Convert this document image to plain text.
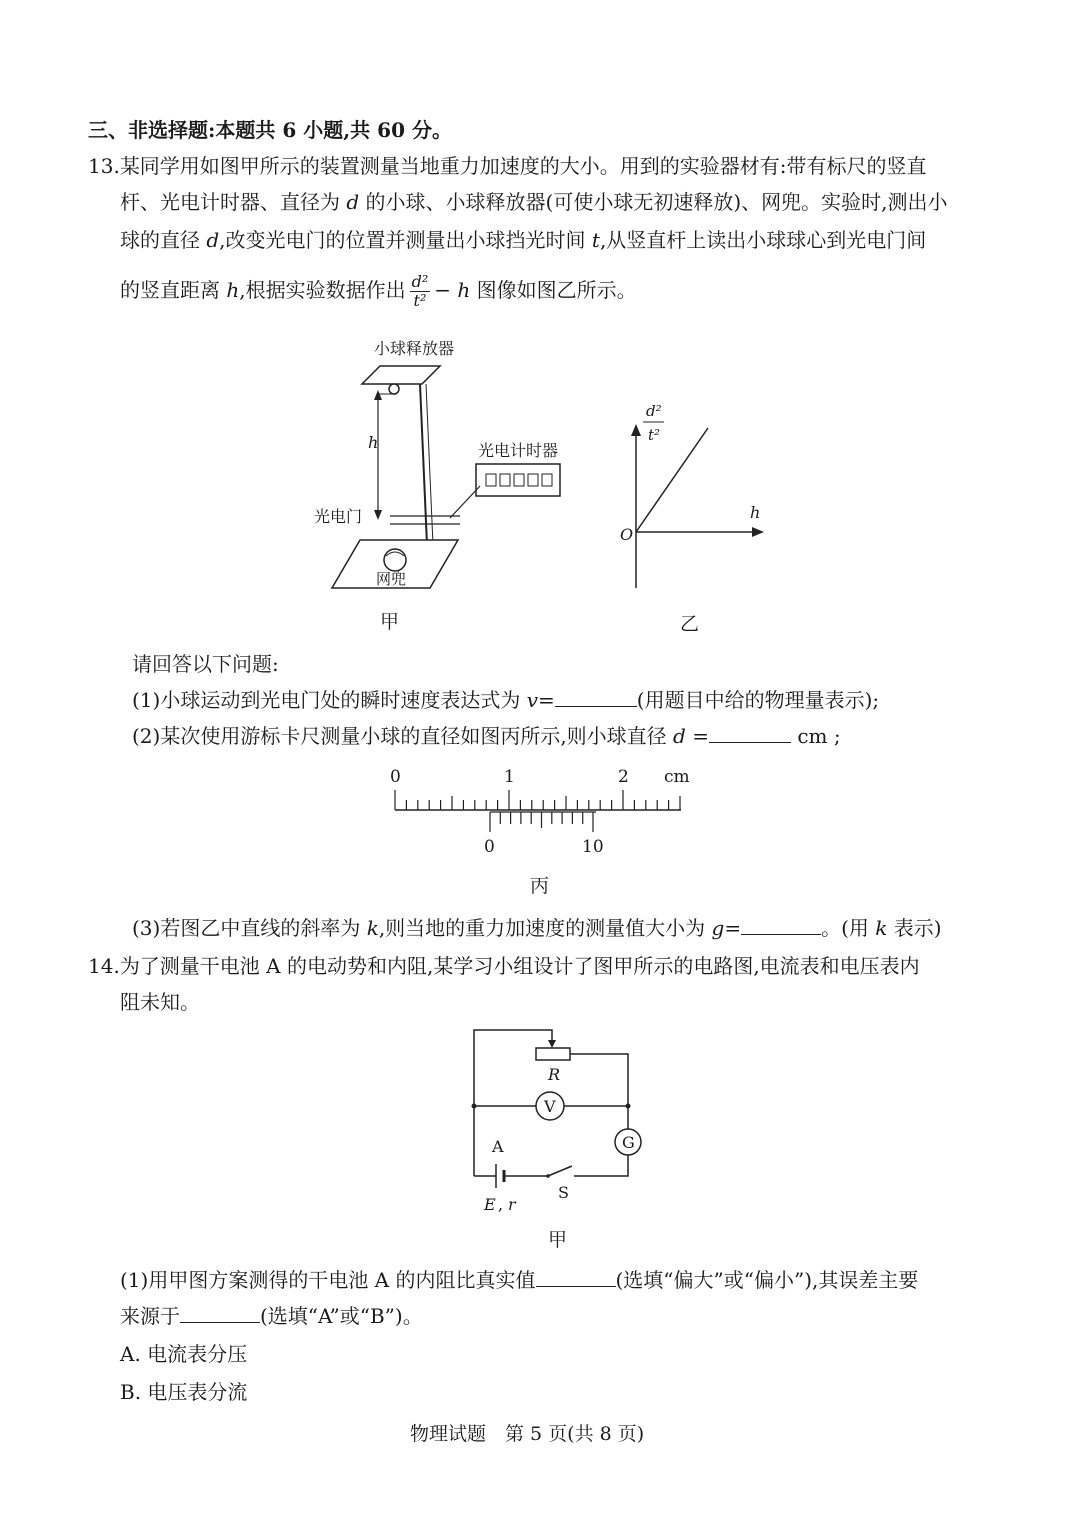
三、非选择题:本题共 6 小题,共 60 分。
13.某同学用如图甲所示的装置测量当地重力加速度的大小。用到的实验器材有:带有标尺的竖直
杆、光电计时器、直径为 d 的小球、小球释放器(可使小球无初速释放)、网兜。实验时,测出小
球的直径 d,改变光电门的位置并测量出小球挡光时间 t,从竖直杆上读出小球球心到光电门间
的竖直距离 h,根据实验数据作出 $\frac{\text{d²}}{\text{t²}} - h$ 图像如图乙所示。
小球释放器
h
光电门
光电计时器
网兜
甲
d²
t²
h
O
乙
请回答以下问题:
(1)小球运动到光电门处的瞬时速度表达式为 v=	(用题目中给的物理量表示);
(2)某次使用游标卡尺测量小球的直径如图丙所示,则小球直径 d =	cm ;
0	1	2 cm
0	10
丙
(3)若图乙中直线的斜率为 k,则当地的重力加速度的测量值大小为 g=	。(用 k 表示)
14.为了测量干电池 A 的电动势和内阻,某学习小组设计了图甲所示的电路图,电流表和电压表内
阻未知。
R
V
G
S
A
E , r
甲
(1)用甲图方案测得的干电池 A 的内阻比真实值	(选填“偏大”或“偏小”),其误差主要
来源于	(选填“A”或“B”)。
A. 电流表分压
B. 电压表分流
物理试题　第 5 页(共 8 页)
